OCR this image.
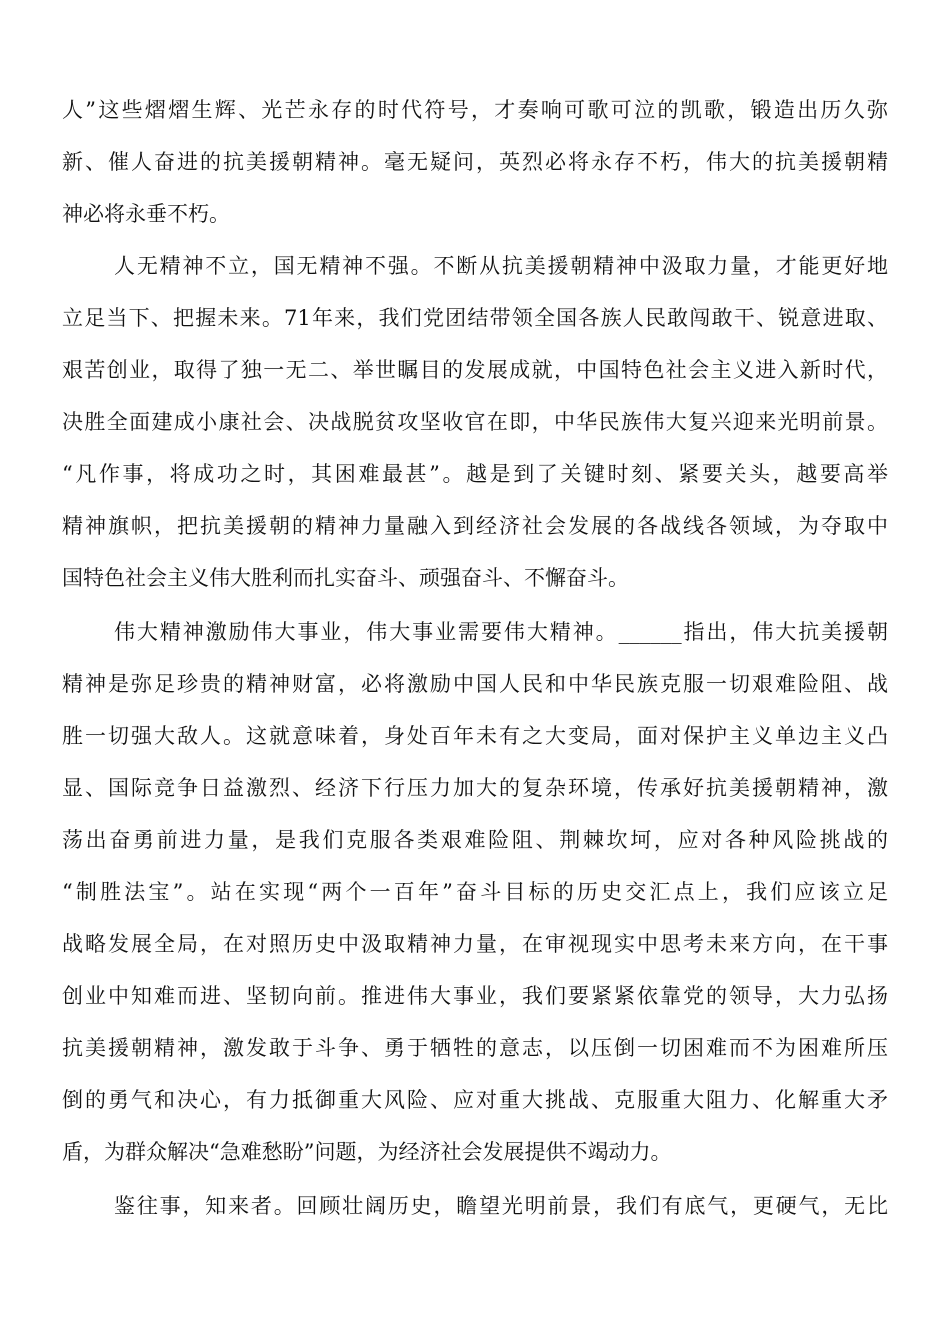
人”这些熠熠生辉、光芒永存的时代符号，才奏响可歌可泣的凯歌，锻造出历久弥
新、催人奋进的抗美援朝精神。毫无疑问，英烈必将永存不朽，伟大的抗美援朝精
神必将永垂不朽。
人无精神不立，国无精神不强。不断从抗美援朝精神中汲取力量，才能更好地
立足当下、把握未来。71年来，我们党团结带领全国各族人民敢闯敢干、锐意进取、
艰苦创业，取得了独一无二、举世瞩目的发展成就，中国特色社会主义进入新时代，
决胜全面建成小康社会、决战脱贫攻坚收官在即，中华民族伟大复兴迎来光明前景。
“凡作事，将成功之时，其困难最甚”。越是到了关键时刻、紧要关头，越要高举
精神旗帜，把抗美援朝的精神力量融入到经济社会发展的各战线各领域，为夺取中
国特色社会主义伟大胜利而扎实奋斗、顽强奋斗、不懈奋斗。
伟大精神激励伟大事业，伟大事业需要伟大精神。______指出，伟大抗美援朝
精神是弥足珍贵的精神财富，必将激励中国人民和中华民族克服一切艰难险阻、战
胜一切强大敌人。这就意味着，身处百年未有之大变局，面对保护主义单边主义凸
显、国际竞争日益激烈、经济下行压力加大的复杂环境，传承好抗美援朝精神，激
荡出奋勇前进力量，是我们克服各类艰难险阻、荆棘坎坷，应对各种风险挑战的
“制胜法宝”。站在实现“两个一百年”奋斗目标的历史交汇点上，我们应该立足
战略发展全局，在对照历史中汲取精神力量，在审视现实中思考未来方向，在干事
创业中知难而进、坚韧向前。推进伟大事业，我们要紧紧依靠党的领导，大力弘扬
抗美援朝精神，激发敢于斗争、勇于牺牲的意志，以压倒一切困难而不为困难所压
倒的勇气和决心，有力抵御重大风险、应对重大挑战、克服重大阻力、化解重大矛
盾，为群众解决“急难愁盼”问题，为经济社会发展提供不竭动力。
鉴往事，知来者。回顾壮阔历史，瞻望光明前景，我们有底气，更硬气，无比
